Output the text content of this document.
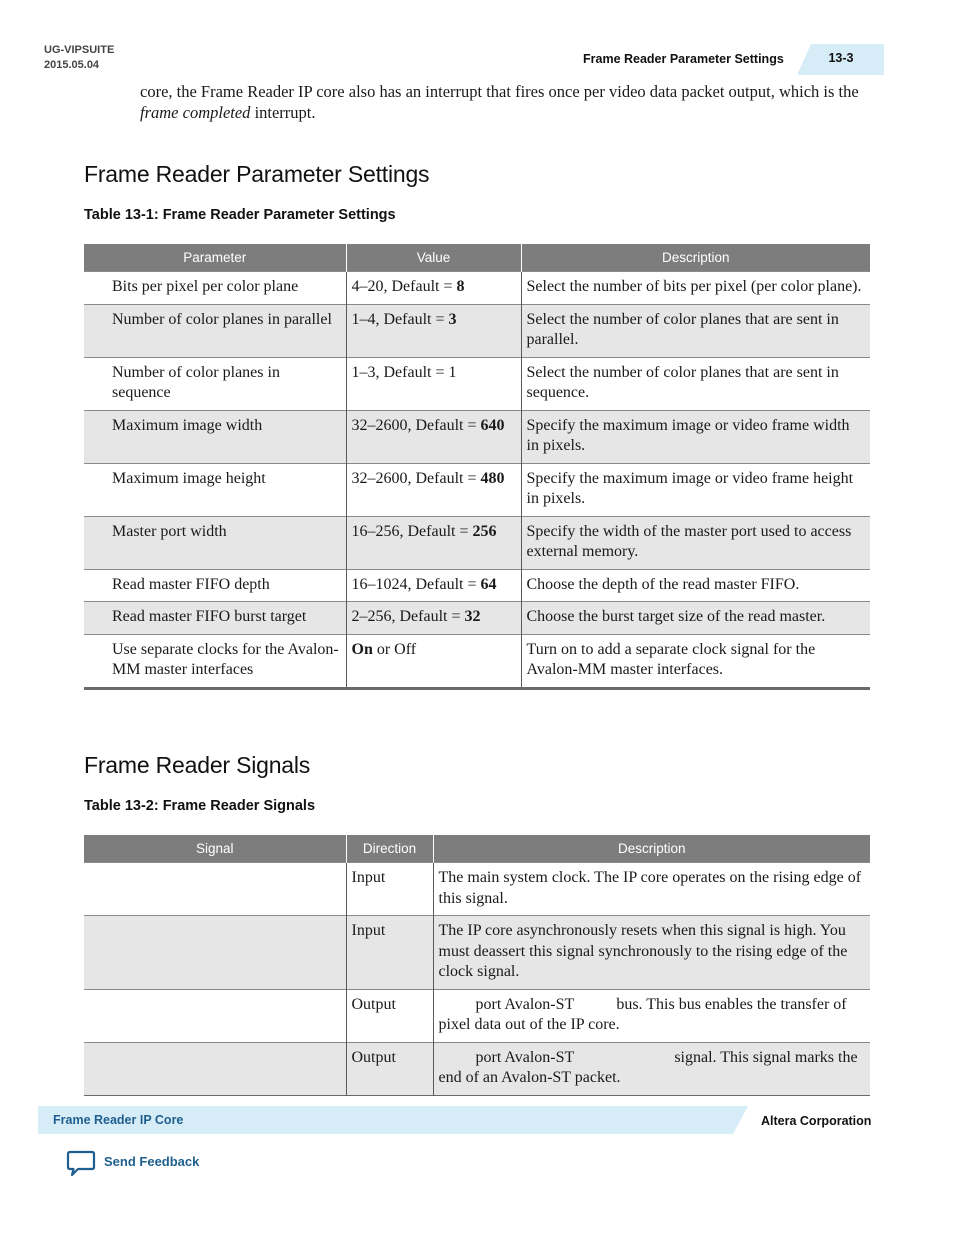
UG-VIPSUITE
2015.05.04	Frame Reader Parameter Settings	13-3

core, the Frame Reader IP core also has an interrupt that fires once per video data packet output, which is the frame completed interrupt.

Frame Reader Parameter Settings
Table 13-1: Frame Reader Parameter Settings
Parameter	Value	Description
Bits per pixel per color plane	4–20, Default = 8	Select the number of bits per pixel (per color plane).
Number of color planes in parallel	1–4, Default = 3	Select the number of color planes that are sent in parallel.
Number of color planes in sequence	1–3, Default = 1	Select the number of color planes that are sent in sequence.
Maximum image width	32–2600, Default = 640	Specify the maximum image or video frame width in pixels.
Maximum image height	32–2600, Default = 480	Specify the maximum image or video frame height in pixels.
Master port width	16–256, Default = 256	Specify the width of the master port used to access external memory.
Read master FIFO depth	16–1024, Default = 64	Choose the depth of the read master FIFO.
Read master FIFO burst target	2–256, Default = 32	Choose the burst target size of the read master.
Use separate clocks for the Avalon-MM master interfaces	On or Off	Turn on to add a separate clock signal for the Avalon-MM master interfaces.
Frame Reader Signals
Table 13-2: Frame Reader Signals
Signal	Direction	Description
	Input	The main system clock. The IP core operates on the rising edge of this signal.
	Input	The IP core asynchronously resets when this signal is high. You must deassert this signal synchronously to the rising edge of the clock signal.
	Output	port Avalon-ST bus. This bus enables the transfer of pixel data out of the IP core.
	Output	port Avalon-ST signal. This signal marks the end of an Avalon-ST packet.
Frame Reader IP Core	Altera Corporation
Send Feedback
